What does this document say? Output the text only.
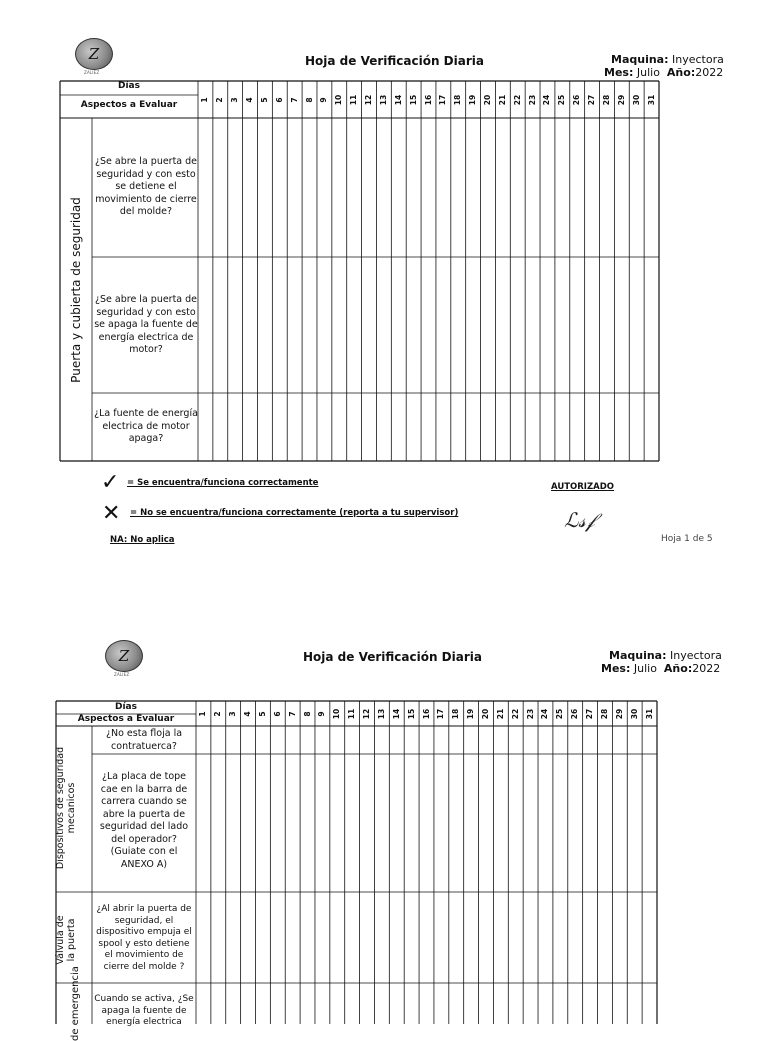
Z
ZALIEZ
Hoja de Verificación Diaria	Maquina: Inyectora
Mes: Julio Año:2022
Días
Aspectos a Evaluar
1 2 3 4 5 6 7 8 9 10 11 12 13 14 15 16 17 18 19 20 21 22 23 24 25 26 27 28 29 30 31
Puerta y cubierta de seguridad
¿Se abre la puerta de seguridad y con esto se detiene el movimiento de cierre del molde?
¿Se abre la puerta de seguridad y con esto se apaga la fuente de energía electrica de motor?
¿La fuente de energía electrica de motor apaga?
✓ = Se encuentra/funciona correctamente
✕ = No se encuentra/funciona correctamente (reporta a tu supervisor)
NA: No aplica
AUTORIZADO
ℒ𝓈𝒻
Hoja 1 de 5
Z
ZALIEZ
Hoja de Verificación Diaria	Maquina: Inyectora
Mes: Julio Año:2022
Días
Aspectos a Evaluar
1 2 3 4 5 6 7 8 9 10 11 12 13 14 15 16 17 18 19 20 21 22 23 24 25 26 27 28 29 30 31
Dispositivos de seguridad mecanicos
Válvula de la puerta
de emergencia
¿No esta floja la contratuerca?
¿La placa de tope cae en la barra de carrera cuando se abre la puerta de seguridad del lado del operador? (Guiate con el ANEXO A)
¿Al abrir la puerta de seguridad, el dispositivo empuja el spool y esto detiene el movimiento de cierre del molde ?
Cuando se activa, ¿Se apaga la fuente de energía electrica
